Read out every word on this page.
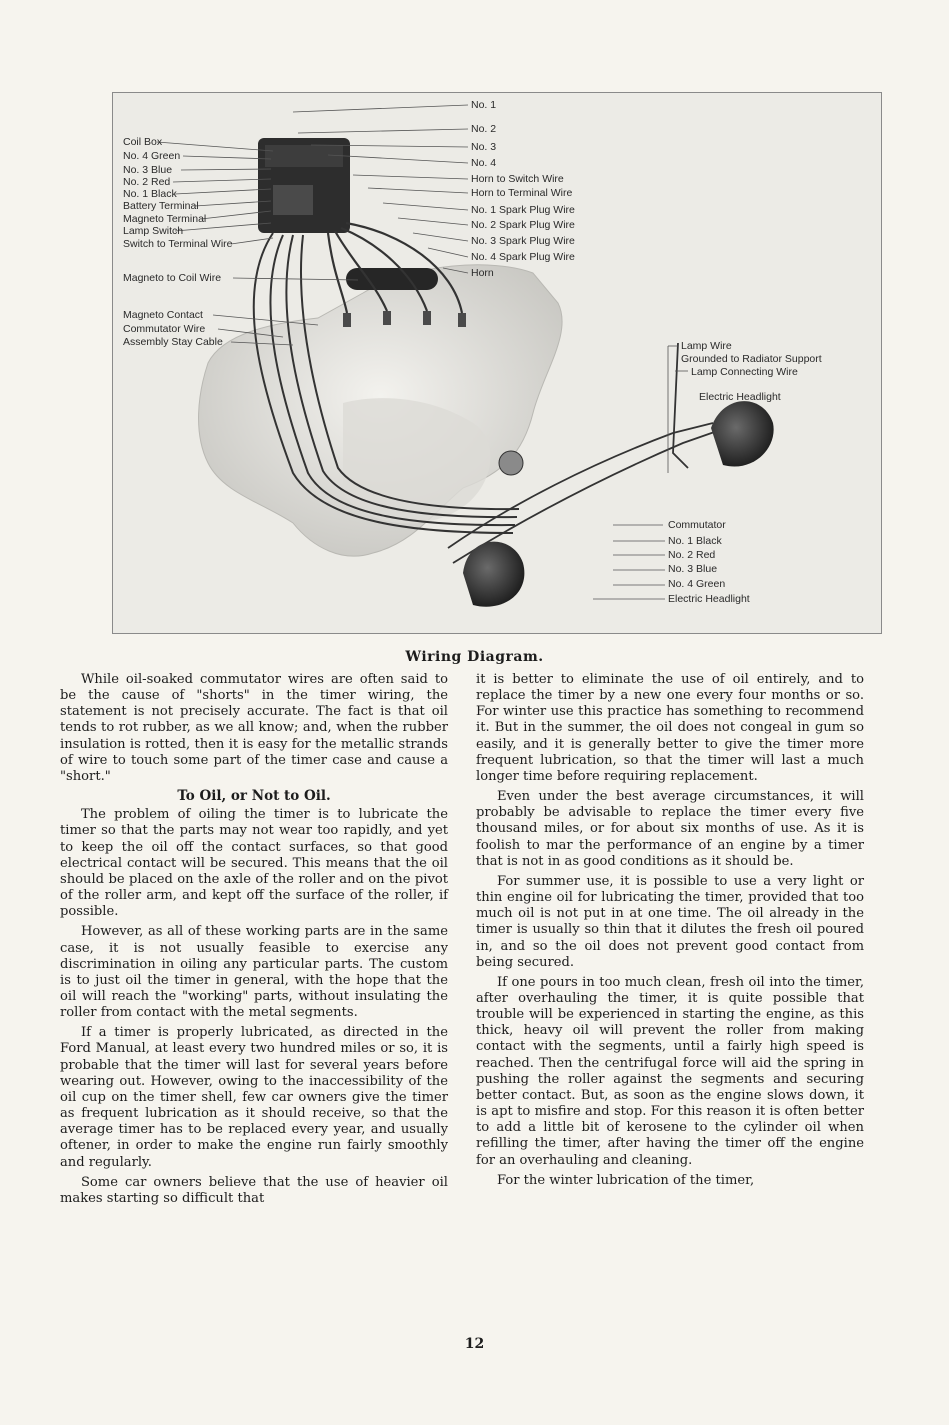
Coil Box
No. 4 Green
No. 3 Blue
No. 2 Red
No. 1 Black
Battery Terminal
Magneto Terminal
Lamp Switch
Switch to Terminal Wire
Magneto to Coil Wire
Magneto Contact
Commutator Wire
Assembly Stay Cable
No. 1
No. 2
No. 3
No. 4
Horn to Switch Wire
Horn to Terminal Wire
No. 1 Spark Plug Wire
No. 2 Spark Plug Wire
No. 3 Spark Plug Wire
No. 4 Spark Plug Wire
Horn
Lamp Wire
Grounded to Radiator Support
Lamp Connecting Wire
Electric Headlight
Commutator
No. 1 Black
No. 2 Red
No. 3 Blue
No. 4 Green
Electric Headlight
Wiring Diagram.

While oil-soaked commutator wires are often said to be the cause of "shorts" in the timer wiring, the statement is not precisely accurate. The fact is that oil tends to rot rubber, as we all know; and, when the rubber insulation is rotted, then it is easy for the metallic strands of wire to touch some part of the timer case and cause a "short."

To Oil, or Not to Oil.

The problem of oiling the timer is to lubricate the timer so that the parts may not wear too rapidly, and yet to keep the oil off the contact surfaces, so that good electrical contact will be secured. This means that the oil should be placed on the axle of the roller and on the pivot of the roller arm, and kept off the surface of the roller, if possible.

However, as all of these working parts are in the same case, it is not usually feasible to exercise any discrimination in oiling any particular parts. The custom is to just oil the timer in general, with the hope that the oil will reach the "working" parts, without insulating the roller from contact with the metal segments.

If a timer is properly lubricated, as directed in the Ford Manual, at least every two hundred miles or so, it is probable that the timer will last for several years before wearing out. However, owing to the inaccessibility of the oil cup on the timer shell, few car owners give the timer as frequent lubrication as it should receive, so that the average timer has to be replaced every year, and usually oftener, in order to make the engine run fairly smoothly and regularly.

Some car owners believe that the use of heavier oil makes starting so difficult that

it is better to eliminate the use of oil entirely, and to replace the timer by a new one every four months or so. For winter use this practice has something to recommend it. But in the summer, the oil does not congeal in gum so easily, and it is generally better to give the timer more frequent lubrication, so that the timer will last a much longer time before requiring replacement.

Even under the best average circumstances, it will probably be advisable to replace the timer every five thousand miles, or for about six months of use. As it is foolish to mar the performance of an engine by a timer that is not in as good conditions as it should be.

For summer use, it is possible to use a very light or thin engine oil for lubricating the timer, provided that too much oil is not put in at one time. The oil already in the timer is usually so thin that it dilutes the fresh oil poured in, and so the oil does not prevent good contact from being secured.

If one pours in too much clean, fresh oil into the timer, after overhauling the timer, it is quite possible that trouble will be experienced in starting the engine, as this thick, heavy oil will prevent the roller from making contact with the segments, until a fairly high speed is reached. Then the centrifugal force will aid the spring in pushing the roller against the segments and securing better contact. But, as soon as the engine slows down, it is apt to misfire and stop. For this reason it is often better to add a little bit of kerosene to the cylinder oil when refilling the timer, after having the timer off the engine for an overhauling and cleaning.

For the winter lubrication of the timer,

12
